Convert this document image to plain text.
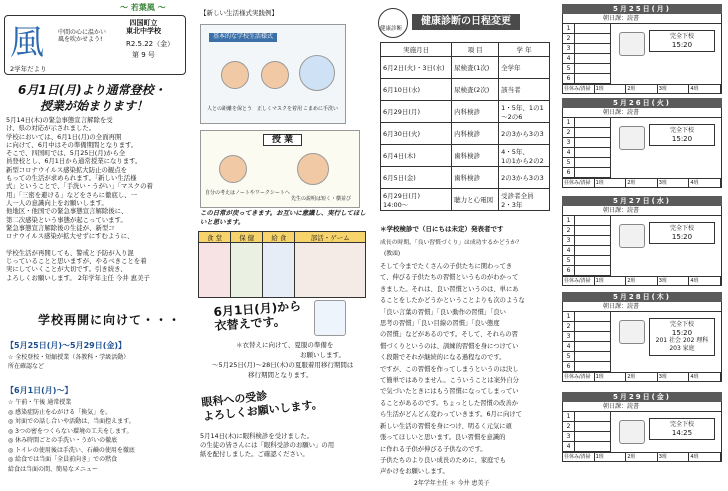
～ 若葉風 ～
風 中間の心に温かい
風を吹かせよう!
四国町立
東北中学校
R2.5.22（金）
第 9 号
2学年だより
6月1日(月)より通常登校・
授業が始まります！
5月14日(木)の緊急事態宣言解除を受
け、県の対応が示されました。
学校においては、6月1日(月)の全面再開
に向けて、6月中はその準備期間となります。
そこで、四国町では、5月25日(月)から全
員登校とし、6月1日から通常授業になります。
新型コロナウイルス感染拡大防止の観点を
もっての生活が求められます。「新しい生活様
式」ということで、「手洗い・うがい」「マスクの着
用」「三密を避ける」などをさらに徹底し、一
人一人の意識向上をお願いします。
他地区・他国での緊急事態宣言解除後に、
第二次感染という事態が起こっています。
緊急事態宣言解除後の生徒が、新型コ
ロナウイルス感染が拡大せずにすむように、
学校生活が再開しても、警戒と予防が入り混
じっていることと思いますが、やるべきことを着
実にしていくことが大切です。引き続き、
よろしくお願いします。 2年学年主任 今井 恵美子
学校再開に向けて・・・
【5月25日(月)～5月29日(金)】
☆ 全校登校・短縮授業（各教科・学級活動）
所在確認など
【6月1日(月)～】
☆ 午前・午後 通常授業
◎ 感染症防止を心がける「換気」を。
◎ 対面での話し合いや活動は、当面控えます。
◎ 3つの密をつくらない環境の工夫をします。
◎ 休み時間ごとの手洗い・うがいの徹底
◎ トイレの使用後は手洗い、石鹸の使用を徹底
◎ 給食では当面「全員前向き」での黙食
給食は当面の間、簡易なメニュー
【新しい生活様式実践例】
基本的な学校生活様式
人との距離を保とう 正しくマスクを着用 こまめに手洗い
授 業
自分の考えはノートやワークシートへ
先生の説明は短く・横並び
この日常が戻ってきます。お互いに意識し、実行してほしいと思います。
食 堂	保 健	給 食	部活・ゲーム

6月1日(月)から
衣替えです。
＊衣替えに向けて、夏服の準備を
お願いします。
～5月25日(月)～28日(木)の夏服着用移行期間は
移行期間となります。
眼科への受診
よろしくお願いします。
5月14日(木)に眼科検診を受けました。
の生徒の皆さんには「眼科受診のお願い」の用
紙を配付しました。ご確認ください。
健康診断
健康診断の日程変更
実施月日	項 目	学 年
6月2日(火)・3日(水)	尿検査(1次)	全学年
6月10日(水)	尿検査(2次)	該当者
6月29日(月)	内科検診	1・5年、1の1
～2の6
6月30日(火)	内科検診	2の3から3の3
6月4日(木)	歯科検診	4・5年、
1の1から2の2
6月5日(金)	歯科検診	2の3から3の3
6月29日(月)
14:00～	聴力と心電図	受診者全員
2・3年
＊学校検診で（日にちは未定）発表者です
成長の時期、「良い習慣づくり」は成功するかどうか？
(教頭)
そして今までたくさんの子供たちに関わってき
て、伸びる子供たちの習慣というものがわかって
きました。それは、良い習慣というのは、単にあ
ることをしたかどうかということよりも次のような
「良い言葉の習慣」「良い動作の習慣」「良い
思考の習慣」「良い目線の習慣」「良い態度
の習慣」などがあるのです。そして、それらの習
慣づくりというのは、訓練的習慣を身につけてい
く段階でそれが継続的になる過程なのです。
ですが、この習慣を作ってしまうというのは決し
て簡単ではありません。こういうことは案外自分
で気づいたときにはもう習慣になってしまってい
ることがあるのです。ちょっとした習慣の改善か
ら生活がどんどん変わっていきます。6月に向けて
新しい生活の習慣を身につけ、明るく元気に頑
張ってほしいと思います。良い習慣を意識的
に作れる子供が伸びる子供なのです。
子供たちのより良い成長のために、家庭でも
声かけをお願いします。
2年学年主任 ＊ 今井 恵美子
5月25日(月)
朝日課：読書
1
2
3
4
5
6
完全下校
15:20
昼休み/清掃 1班	2班	3班	4班
5月26日(火)
朝日課：読書
1
2
3
4
5
6
完全下校
15:20
昼休み/清掃 1班	2班	3班	4班
5月27日(水)
朝日課：読書
1
2
3
4
5
6
完全下校
15:20
昼休み/清掃 1班	2班	3班	4班
5月28日(木)
朝日課：読書
1
2
3
4
5
6
完全下校
15:20
201 社会 202 理科
203 家庭
昼休み/清掃 1班	2班	3班	4班
5月29日(金)
朝日課：読書
1
2
3
4
完全下校
14:25
昼休み/清掃 1班	2班	3班	4班
